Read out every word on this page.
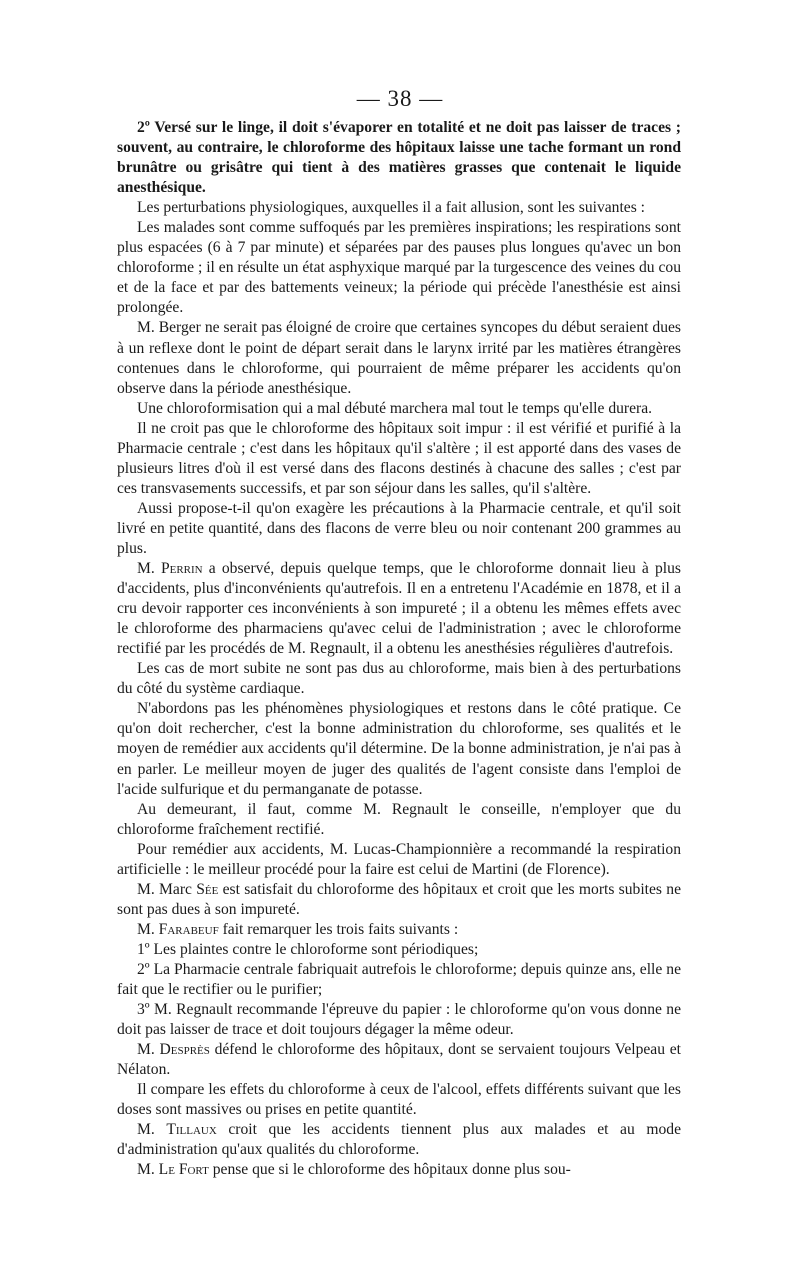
— 38 —

2º Versé sur le linge, il doit s'évaporer en totalité et ne doit pas laisser de traces ; souvent, au contraire, le chloroforme des hôpitaux laisse une tache formant un rond brunâtre ou grisâtre qui tient à des matières grasses que contenait le liquide anesthésique.

Les perturbations physiologiques, auxquelles il a fait allusion, sont les suivantes :

Les malades sont comme suffoqués par les premières inspirations; les respirations sont plus espacées (6 à 7 par minute) et séparées par des pauses plus longues qu'avec un bon chloroforme ; il en résulte un état asphyxique marqué par la turgescence des veines du cou et de la face et par des battements veineux; la période qui précède l'anesthésie est ainsi prolongée.

M. Berger ne serait pas éloigné de croire que certaines syncopes du début seraient dues à un reflexe dont le point de départ serait dans le larynx irrité par les matières étrangères contenues dans le chloroforme, qui pourraient de même préparer les accidents qu'on observe dans la période anesthésique.

Une chloroformisation qui a mal débuté marchera mal tout le temps qu'elle durera.

Il ne croit pas que le chloroforme des hôpitaux soit impur : il est vérifié et purifié à la Pharmacie centrale ; c'est dans les hôpitaux qu'il s'altère ; il est apporté dans des vases de plusieurs litres d'où il est versé dans des flacons destinés à chacune des salles ; c'est par ces transvasements successifs, et par son séjour dans les salles, qu'il s'altère.

Aussi propose-t-il qu'on exagère les précautions à la Pharmacie centrale, et qu'il soit livré en petite quantité, dans des flacons de verre bleu ou noir contenant 200 grammes au plus.

M. Perrin a observé, depuis quelque temps, que le chloroforme donnait lieu à plus d'accidents, plus d'inconvénients qu'autrefois. Il en a entretenu l'Académie en 1878, et il a cru devoir rapporter ces inconvénients à son impureté ; il a obtenu les mêmes effets avec le chloroforme des pharmaciens qu'avec celui de l'administration ; avec le chloroforme rectifié par les procédés de M. Regnault, il a obtenu les anesthésies régulières d'autrefois.

Les cas de mort subite ne sont pas dus au chloroforme, mais bien à des perturbations du côté du système cardiaque.

N'abordons pas les phénomènes physiologiques et restons dans le côté pratique. Ce qu'on doit rechercher, c'est la bonne administration du chloroforme, ses qualités et le moyen de remédier aux accidents qu'il détermine. De la bonne administration, je n'ai pas à en parler. Le meilleur moyen de juger des qualités de l'agent consiste dans l'emploi de l'acide sulfurique et du permanganate de potasse.

Au demeurant, il faut, comme M. Regnault le conseille, n'employer que du chloroforme fraîchement rectifié.

Pour remédier aux accidents, M. Lucas-Championnière a recommandé la respiration artificielle : le meilleur procédé pour la faire est celui de Martini (de Florence).

M. Marc Sée est satisfait du chloroforme des hôpitaux et croit que les morts subites ne sont pas dues à son impureté.

M. Farabeuf fait remarquer les trois faits suivants :

1º Les plaintes contre le chloroforme sont périodiques;

2º La Pharmacie centrale fabriquait autrefois le chloroforme; depuis quinze ans, elle ne fait que le rectifier ou le purifier;

3º M. Regnault recommande l'épreuve du papier : le chloroforme qu'on vous donne ne doit pas laisser de trace et doit toujours dégager la même odeur.

M. Desprès défend le chloroforme des hôpitaux, dont se servaient toujours Velpeau et Nélaton.

Il compare les effets du chloroforme à ceux de l'alcool, effets différents suivant que les doses sont massives ou prises en petite quantité.

M. Tillaux croit que les accidents tiennent plus aux malades et au mode d'administration qu'aux qualités du chloroforme.

M. Le Fort pense que si le chloroforme des hôpitaux donne plus sou-
